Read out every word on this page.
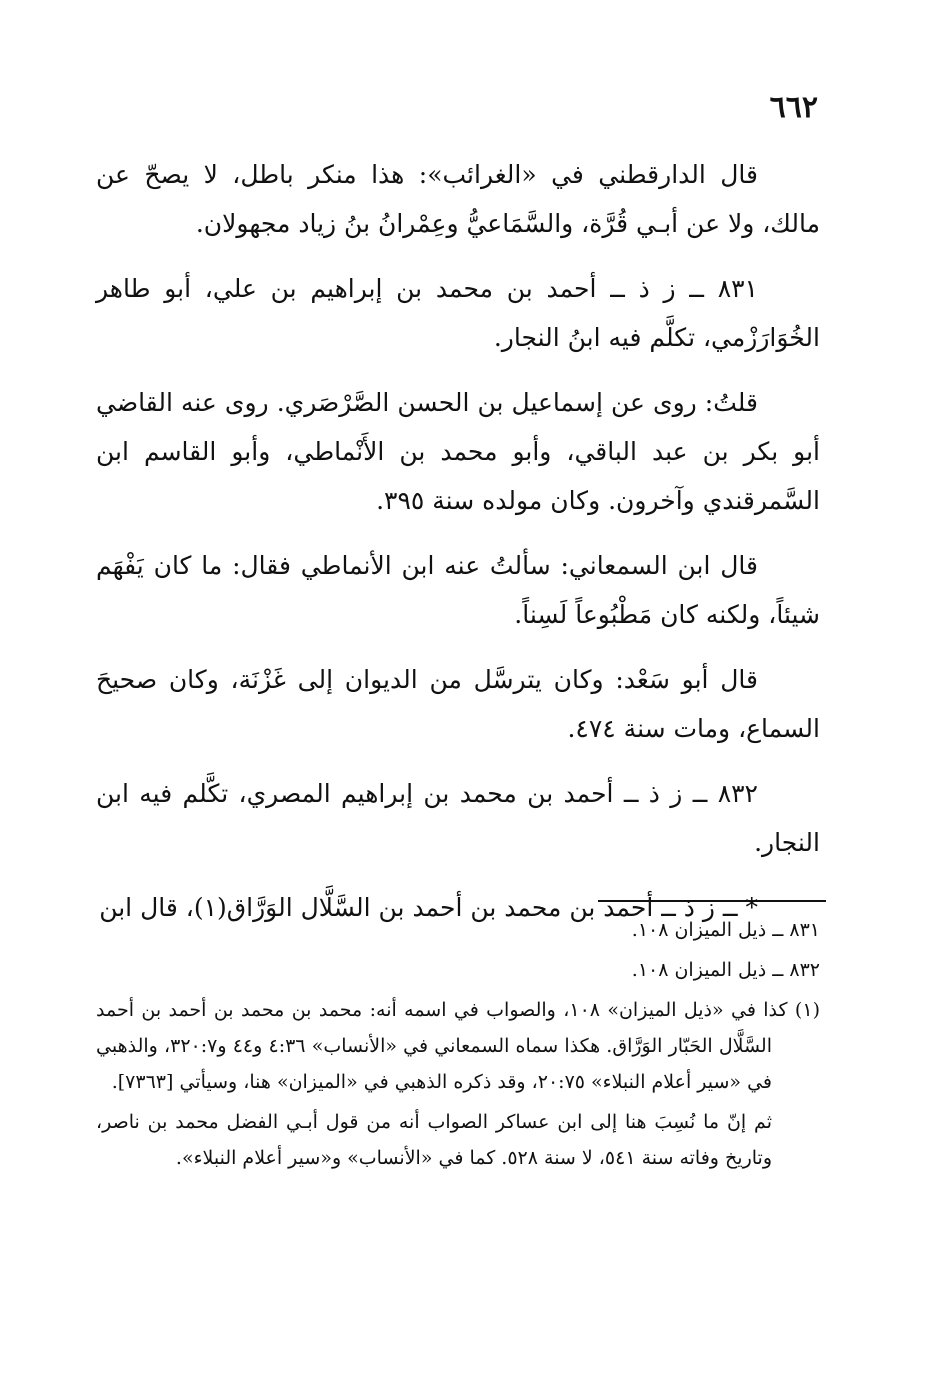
٦٦٢

قال الدارقطني في «الغرائب»: هذا منكر باطل، لا يصحّ عن مالك، ولا عن أبـي قُرَّة، والسَّمَاعيُّ وعِمْرانُ بنُ زياد مجهولان.

٨٣١ ــ ز ذ ــ أحمد بن محمد بن إبراهيم بن علي، أبو طاهر الخُوَارَزْمي، تكلَّم فيه ابنُ النجار.

قلتُ: روى عن إسماعيل بن الحسن الصَّرْصَري. روى عنه القاضي أبو بكر بن عبد الباقي، وأبو محمد بن الأَنْماطي، وأبو القاسم ابن السَّمرقندي وآخرون. وكان مولده سنة ٣٩٥.

قال ابن السمعاني: سألتُ عنه ابن الأنماطي فقال: ما كان يَفْهَم شيئاً، ولكنه كان مَطْبُوعاً لَسِناً.

قال أبو سَعْد: وكان يترسَّل من الديوان إلى غَزْنَة، وكان صحيحَ السماع، ومات سنة ٤٧٤.

٨٣٢ ــ ز ذ ــ أحمد بن محمد بن إبراهيم المصري، تكَّلم فيه ابن النجار.

* ــ ز ذ ــ أحمد بن محمد بن أحمد بن السَّلَّال الوَرَّاق(١)، قال ابن

٨٣١ ــ ذيل الميزان ١٠٨.

٨٣٢ ــ ذيل الميزان ١٠٨.

(١) كذا في «ذيل الميزان» ١٠٨، والصواب في اسمه أنه: محمد بن محمد بن أحمد بن أحمد السَّلَّال الحَبّار الوَرَّاق. هكذا سماه السمعاني في «الأنساب» ٤:٣٦ و٤٤ و٣٢٠:٧، والذهبي في «سير أعلام النبلاء» ٢٠:٧٥، وقد ذكره الذهبي في «الميزان» هنا، وسيأتي [٧٣٦٣].

ثم إنّ ما نُسِبَ هنا إلى ابن عساكر الصواب أنه من قول أبـي الفضل محمد بن ناصر، وتاريخ وفاته سنة ٥٤١، لا سنة ٥٢٨. كما في «الأنساب» و«سير أعلام النبلاء».
